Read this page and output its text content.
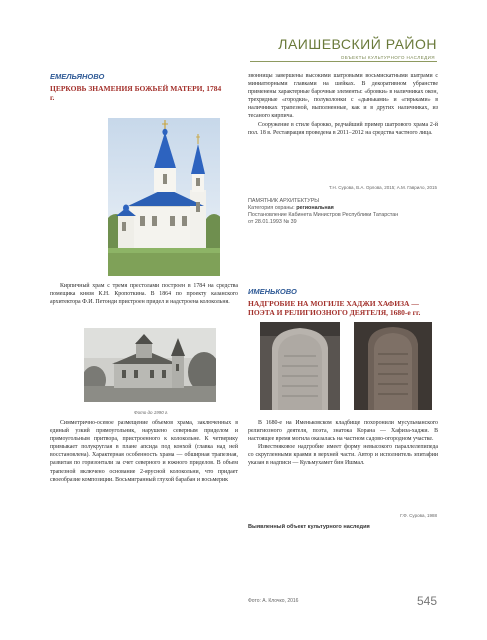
ЛАИШЕВСКИЙ РАЙОН
ОБЪЕКТЫ КУЛЬТУРНОГО НАСЛЕДИЯ
ЕМЕЛЬЯНОВО
ЦЕРКОВЬ ЗНАМЕНИЯ БОЖЬЕЙ МАТЕРИ, 1784 г.

звонницы завершены высокими шатровыми восьмискатными шатрами с миниатюрными главками на шейках. В декоративном убранстве применены характерные барочные элементы: «бровки» в наличниках окон, трехрядные «городки», полуколонки с «дыньками» и «гирьками» в наличниках трапезной, выполненные, как и в других наличниках, из тесаного кирпича.

Сооружение в стиле барокко, редчайший пример шатрового храма 2-й пол. 18 в. Реставрация проведена в 2011−2012 на средства частного лица.

Т.Н. Сурова, В.А. Орлова, 2015; А.М. Гаврило, 2015
ПАМЯТНИК АРХИТЕКТУРЫ
Категория охраны: региональная
Постановление Кабинета Министров Республики Татарстан
от 28.01.1993 № 39

Кирпичный храм с тремя престолами построен в 1784 на средства помещика князя К.Н. Кропоткина. В 1864 по проекту казанского архитектора Ф.И. Петонди пристроен придел и надстроена колокольня.

Фото до 1990 г.

Симметрично-осевое размещение объемов храма, заключенных в единый узкий прямоугольник, нарушено северным приделом и прямоугольным притвора, пристроенного к колокольне. К четверику примыкает полукруглая в плане апсида под конхой (главка над ней восстановлена). Характерная особенность храма — обширная трапезная, развитая по горизонтали за счет северного и южного приделов. В объем трапезной включено основание 2-ярусной колокольни, что придает своеобразие композиции. Восьмигранный глухой барабан и восьмерик

ИМЕНЬКОВО
НАДГРОБИЕ НА МОГИЛЕ ХАДЖИ ХАФИЗА — ПОЭТА И РЕЛИГИОЗНОГО ДЕЯТЕЛЯ, 1680-е гг.

В 1680-е на Именьковском кладбище похоронили мусульманского религиозного деятеля, поэта, знатока Корана — Хафиза-хаджи. В настоящее время могила оказалась на частном садово-огородном участке.

Известняковое надгробие имеет форму невысокого параллелепипеда со скругленными краями в верхней части. Автор и исполнитель эпитафии указан в надписи — Кульмухамет бин Ишмал.

Г.Ф. Сурова, 1988
Выявленный объект культурного наследия
Фото: А. Клочко, 2016	545
